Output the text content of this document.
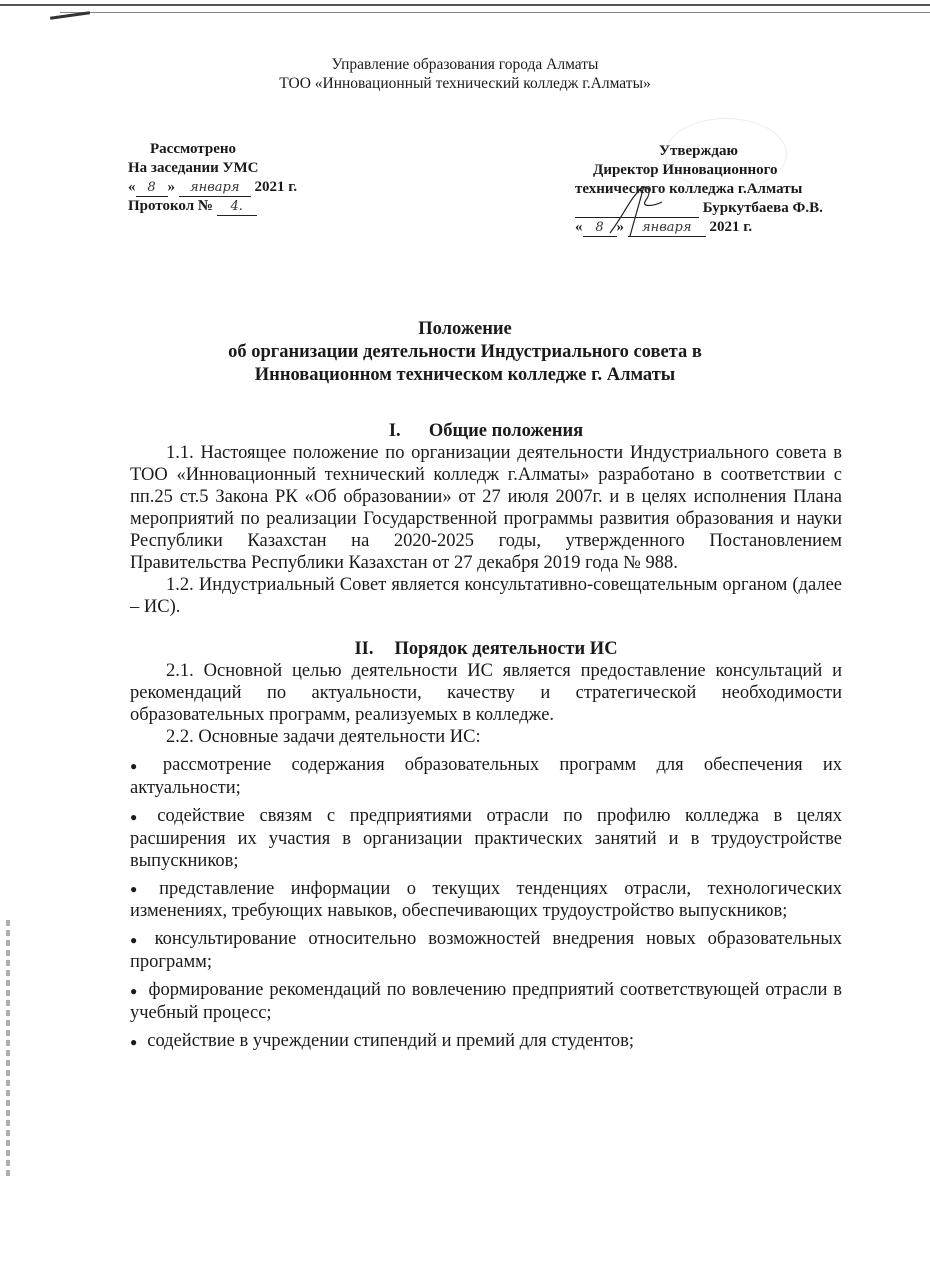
Управление образования города Алматы
ТОО «Инновационный технический колледж г.Алматы»
Рассмотрено
На заседании УМС
« 8 » января 2021 г.
Протокол № 4.
Утверждаю
Директор Инновационного
технического колледжа г.Алматы
Буркутбаева Ф.В.
« 8 » января 2021 г.
Положение
об организации деятельности Индустриального совета в
Инновационном техническом колледже г. Алматы
I. Общие положения

1.1. Настоящее положение по организации деятельности Индустриального совета в ТОО «Инновационный технический колледж г.Алматы» разработано в соответствии с пп.25 ст.5 Закона РК «Об образовании» от 27 июля 2007г. и в целях исполнения Плана мероприятий по реализации Государственной программы развития образования и науки Республики Казахстан на 2020-2025 годы, утвержденного Постановлением Правительства Республики Казахстан от 27 декабря 2019 года № 988.

1.2. Индустриальный Совет является консультативно-совещательным органом (далее – ИС).

II. Порядок деятельности ИС

2.1. Основной целью деятельности ИС является предоставление консультаций и рекомендаций по актуальности, качеству и стратегической необходимости образовательных программ, реализуемых в колледже.

2.2. Основные задачи деятельности ИС:

● рассмотрение содержания образовательных программ для обеспечения их актуальности;
● содействие связям с предприятиями отрасли по профилю колледжа в целях расширения их участия в организации практических занятий и в трудоустройстве выпускников;
● представление информации о текущих тенденциях отрасли, технологических изменениях, требующих навыков, обеспечивающих трудоустройство выпускников;
● консультирование относительно возможностей внедрения новых образовательных программ;
● формирование рекомендаций по вовлечению предприятий соответствующей отрасли в учебный процесс;
● содействие в учреждении стипендий и премий для студентов;
